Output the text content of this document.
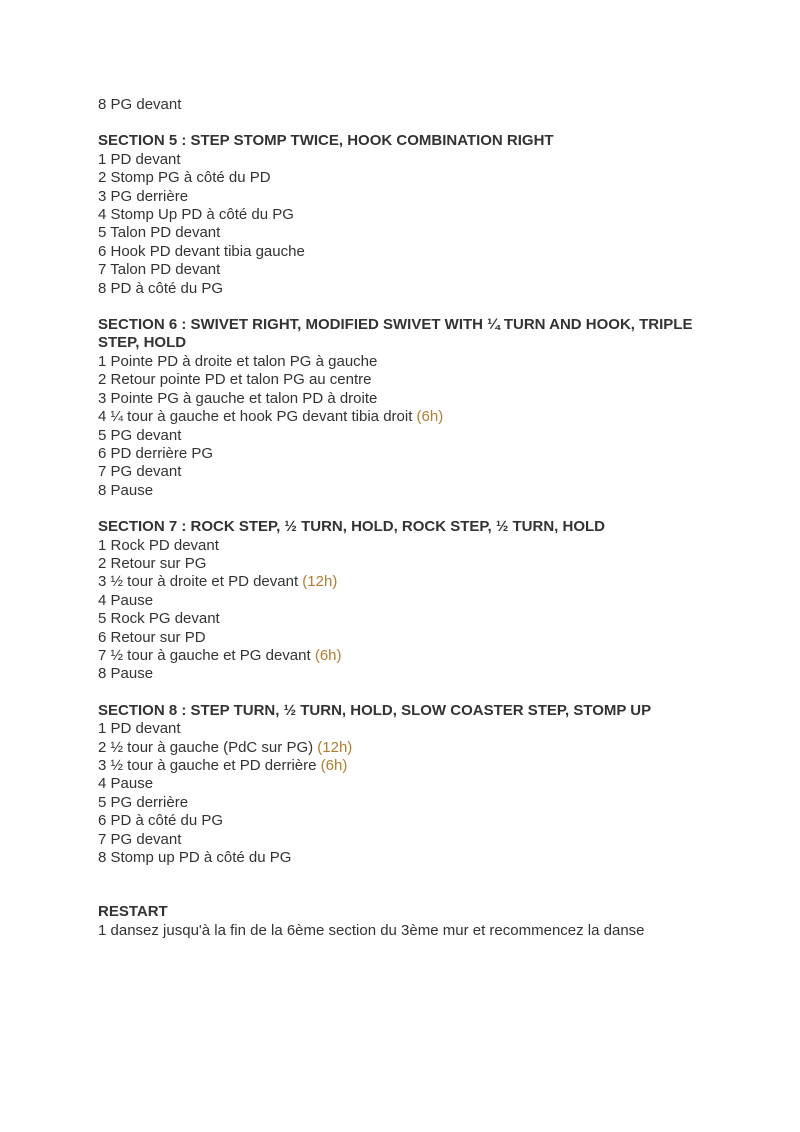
8 PG devant
SECTION 5 : STEP STOMP TWICE, HOOK COMBINATION RIGHT
1 PD devant
2 Stomp PG à côté du PD
3 PG derrière
4 Stomp Up PD à côté du PG
5 Talon PD devant
6 Hook PD devant tibia gauche
7 Talon PD devant
8 PD à côté du PG
SECTION 6 : SWIVET RIGHT, MODIFIED SWIVET WITH ¼ TURN AND HOOK, TRIPLE STEP, HOLD
1 Pointe PD à droite et talon PG à gauche
2 Retour pointe PD et talon PG au centre
3 Pointe PG à gauche et talon PD à droite
4 ¼ tour à gauche et hook PG devant tibia droit (6h)
5 PG devant
6 PD derrière PG
7 PG devant
8 Pause
SECTION 7 : ROCK STEP, ½ TURN, HOLD, ROCK STEP, ½ TURN, HOLD
1 Rock PD devant
2 Retour sur PG
3 ½ tour à droite et PD devant (12h)
4 Pause
5 Rock PG devant
6 Retour sur PD
7 ½ tour à gauche et PG devant (6h)
8 Pause
SECTION 8 : STEP TURN, ½ TURN, HOLD, SLOW COASTER STEP, STOMP UP
1 PD devant
2 ½ tour à gauche (PdC sur PG) (12h)
3 ½ tour à gauche et PD derrière (6h)
4 Pause
5 PG derrière
6 PD à côté du PG
7 PG devant
8 Stomp up PD à côté du PG
RESTART
1 dansez jusqu'à la fin de la 6ème section du 3ème mur et recommencez la danse
